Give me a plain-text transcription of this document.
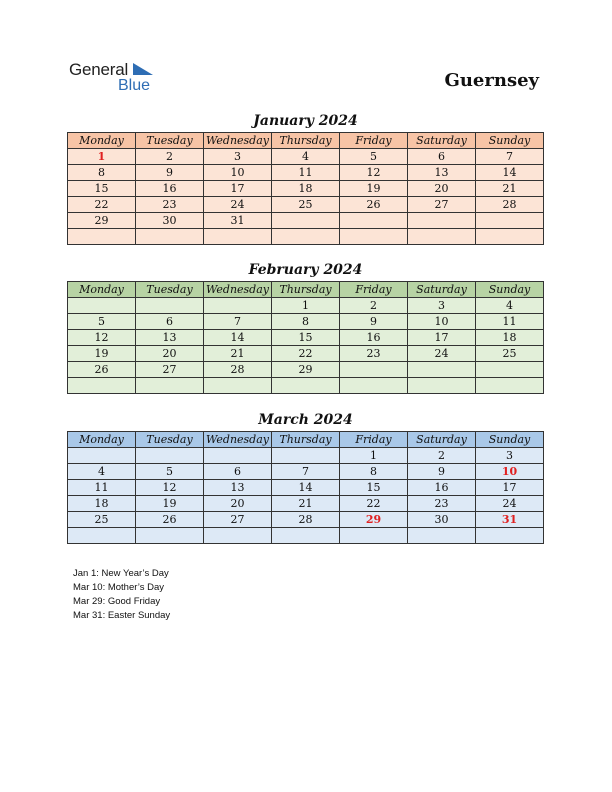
General
Blue	Guernsey
January 2024
Monday	Tuesday	Wednesday	Thursday	Friday	Saturday	Sunday
1	2	3	4	5	6	7
8	9	10	11	12	13	14
15	16	17	18	19	20	21
22	23	24	25	26	27	28
29	30	31				

February 2024
Monday	Tuesday	Wednesday	Thursday	Friday	Saturday	Sunday
			1	2	3	4
5	6	7	8	9	10	11
12	13	14	15	16	17	18
19	20	21	22	23	24	25
26	27	28	29			

March 2024
Monday	Tuesday	Wednesday	Thursday	Friday	Saturday	Sunday
				1	2	3
4	5	6	7	8	9	10
11	12	13	14	15	16	17
18	19	20	21	22	23	24
25	26	27	28	29	30	31

Jan 1: New Year’s Day
Mar 10: Mother’s Day
Mar 29: Good Friday
Mar 31: Easter Sunday
